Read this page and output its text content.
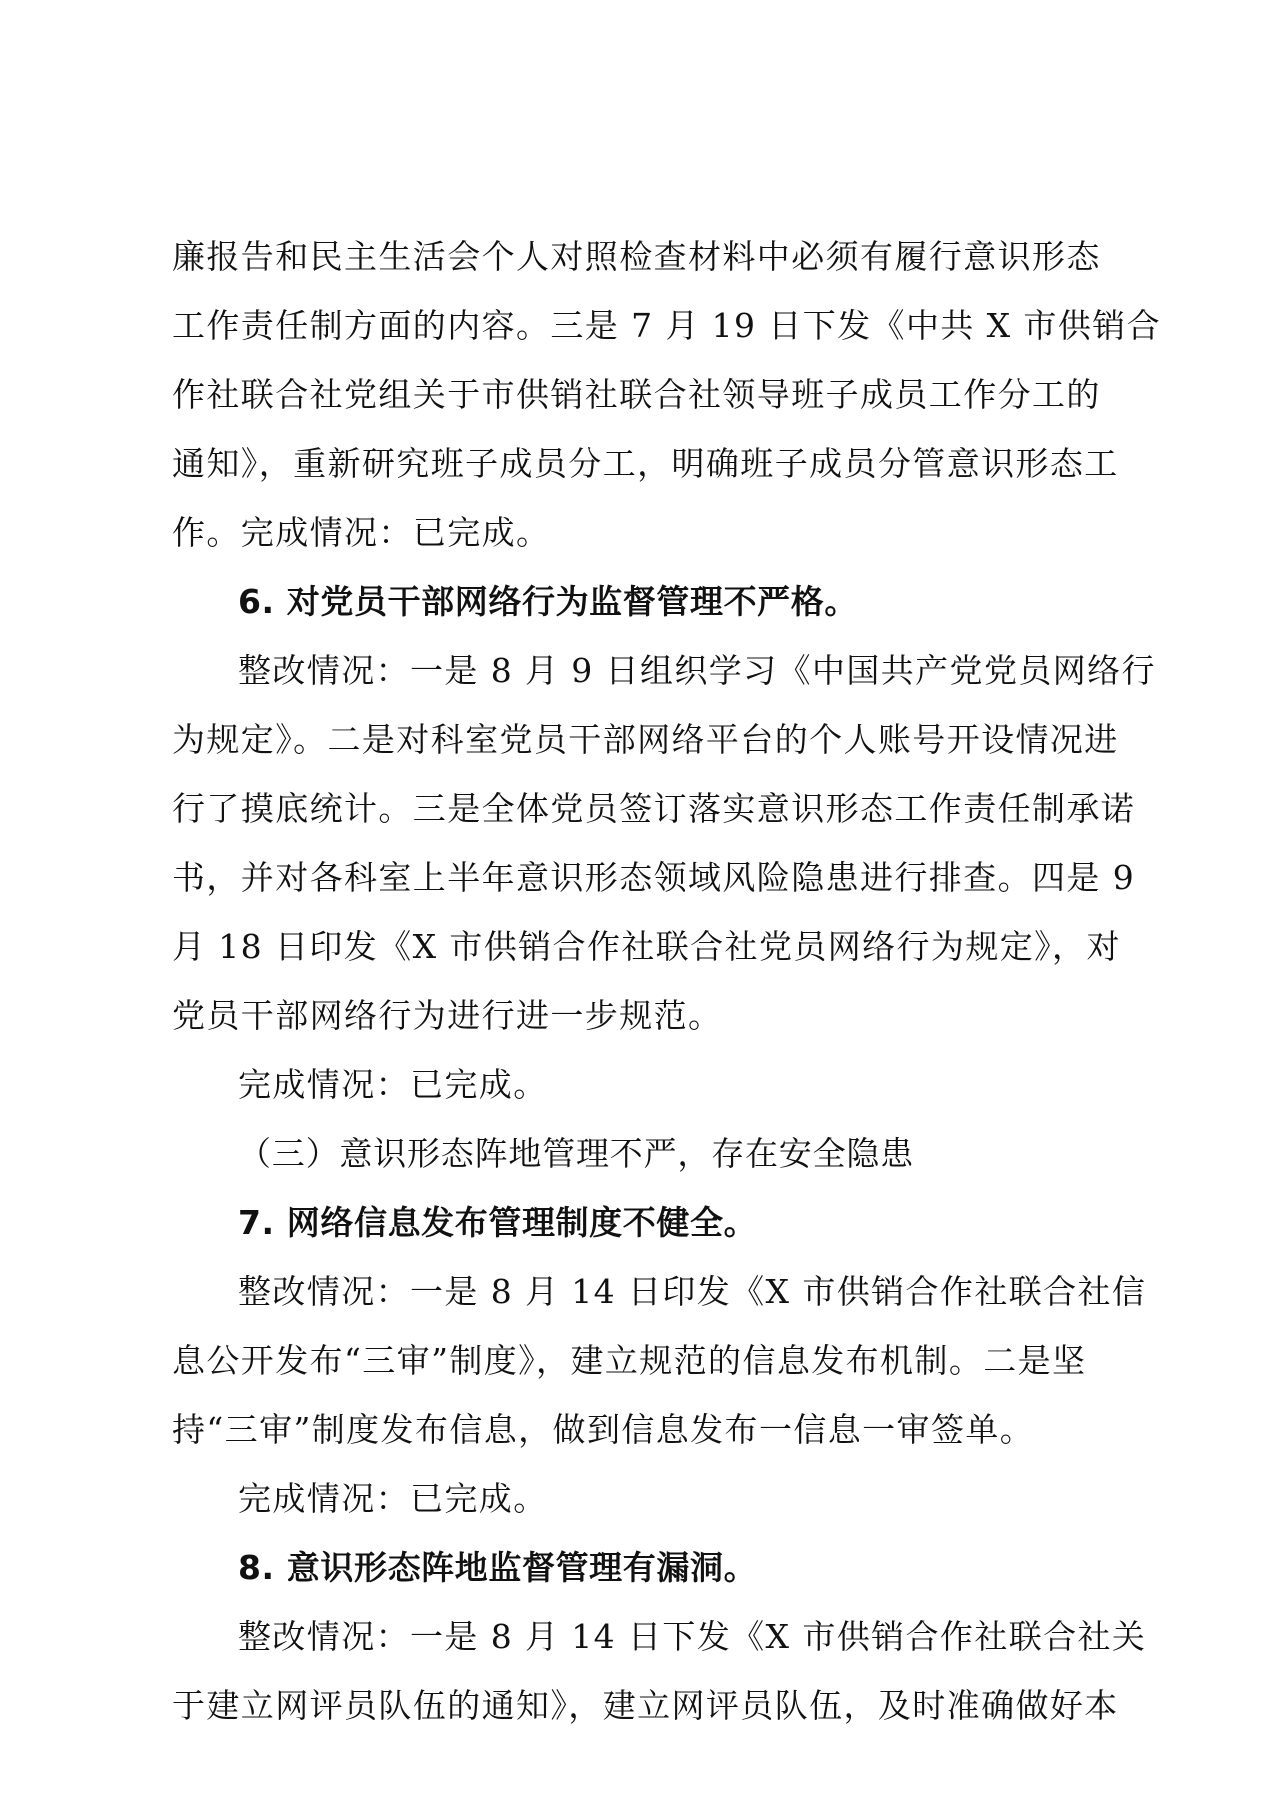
廉报告和民主生活会个人对照检查材料中必须有履行意识形态
工作责任制方面的内容。三是 7 月 19 日下发《中共 X 市供销合
作社联合社党组关于市供销社联合社领导班子成员工作分工的
通知》，重新研究班子成员分工，明确班子成员分管意识形态工
作。完成情况：已完成。
6. 对党员干部网络行为监督管理不严格。
整改情况：一是 8 月 9 日组织学习《中国共产党党员网络行
为规定》。二是对科室党员干部网络平台的个人账号开设情况进
行了摸底统计。三是全体党员签订落实意识形态工作责任制承诺
书，并对各科室上半年意识形态领域风险隐患进行排查。四是 9
月 18 日印发《X 市供销合作社联合社党员网络行为规定》，对
党员干部网络行为进行进一步规范。
完成情况：已完成。
（三）意识形态阵地管理不严，存在安全隐患
7. 网络信息发布管理制度不健全。
整改情况：一是 8 月 14 日印发《X 市供销合作社联合社信
息公开发布“三审”制度》，建立规范的信息发布机制。二是坚
持“三审”制度发布信息，做到信息发布一信息一审签单。
完成情况：已完成。
8. 意识形态阵地监督管理有漏洞。
整改情况：一是 8 月 14 日下发《X 市供销合作社联合社关
于建立网评员队伍的通知》，建立网评员队伍，及时准确做好本
